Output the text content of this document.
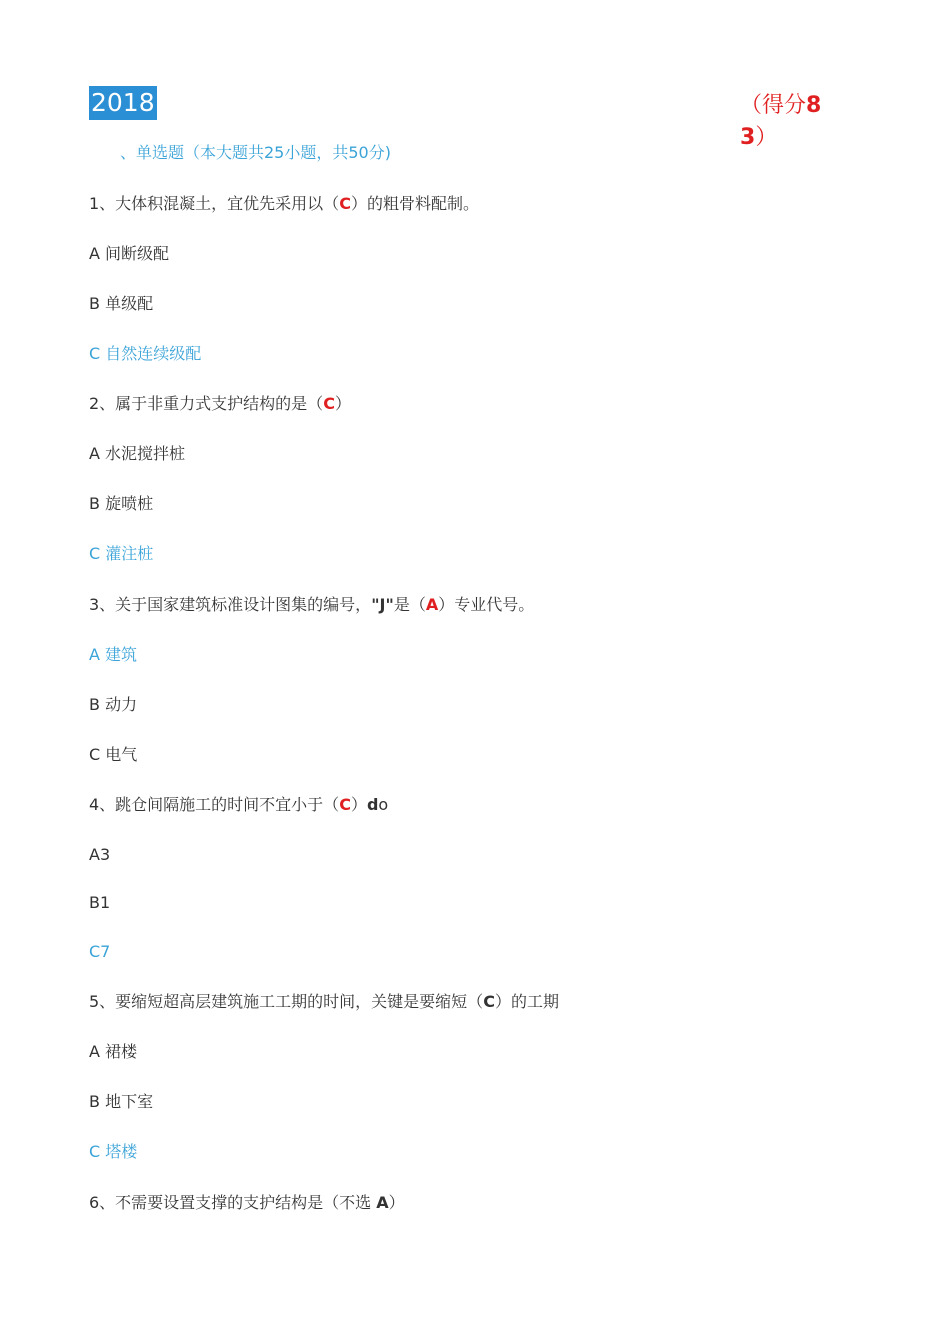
2018	（得分8
3）
、单选题（本大题共25小题，共50分)
1、大体积混凝土，宜优先采用以（C）的粗骨料配制。
A 间断级配
B 单级配
C 自然连续级配
2、属于非重力式支护结构的是（C）
A 水泥搅拌桩
B 旋喷桩
C 灌注桩
3、关于国家建筑标准设计图集的编号，"J"是（A）专业代号。
A 建筑
B 动力
C 电气
4、跳仓间隔施工的时间不宜小于（C）do
A3
B1
C7
5、要缩短超高层建筑施工工期的时间，关键是要缩短（C）的工期
A 裙楼
B 地下室
C 塔楼
6、不需要设置支撑的支护结构是（不选 A）
